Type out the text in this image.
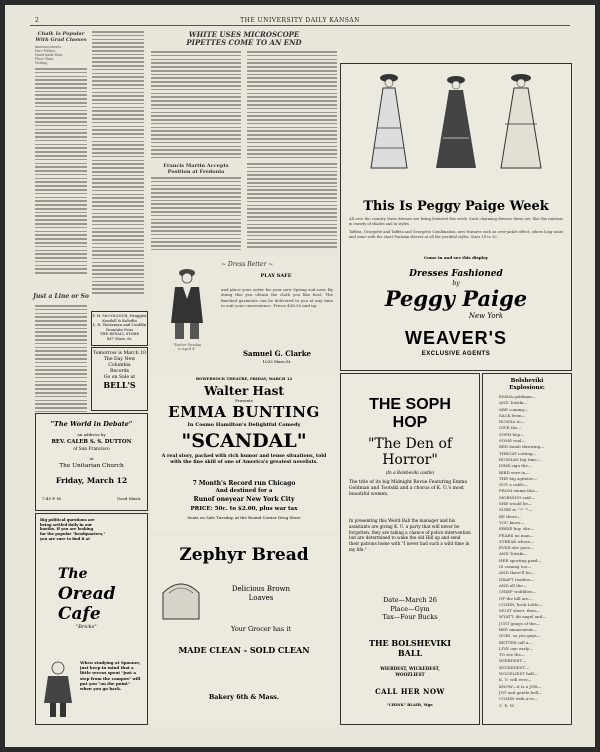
2	THE UNIVERSITY DAILY KANSAN
Chalk Is Popular
With Grad Classes
Announcements.
Pure Politics.
Hand-made Hats.
Floor Plans.
Writing.
Just a Line or So
F. H. McCOLLOCH, Druggist
Kendall & Kolodin
L. R. Waterman and Conklin
Fountain Pens
THE REXALL STORE
847 Mass. St.
Tomorrow is March 10
The Day New
Columbia
Records
Go on Sale at
BELL'S
WHITE USES MICROSCOPE
PIPETTES COME TO AN END
Francis Martin Accepts
Position at Fredonia
~ Dress Better ~
PLAY SAFE
"Easter Sunday
is April 4"
and place your order for your new Spring suit now. By doing this you obtain the cloth you like best. The finished garments can be delivered to you at any time to suit your convenience. Prices $38.50 and up.
Samuel G. Clarke
1033 Mass.St.
This Is Peggy Paige Week
All over the country these dresses are being featured this week. Such charming dresses these are, like the rainbow in variety of shades and in styles.
Taffeta, Georgette and Taffeta and Georgette Combination, new features such as over-jacket effect, others long waist and some with the short Parisian sleeves at all the youthful styles. Sizes 14 to 20.
Come in and see this display
Dresses Fashioned
by
Peggy Paige
New York
WEAVER'S
EXCLUSIVE AGENTS
BOWERSOCK THEATRE, FRIDAY, MARCH 12
Walter Hast
Presents
EMMA BUNTING
In Cosmo Hamilton's Delightful Comedy
"SCANDAL"
A real story, packed with rich humor and tense situations, told with the fine skill of one of America's greatest novelists.
7 Month's Record run Chicago
And destined for a
Runof oneyear New York City
PRICE: 50c. to $2.00, plus war tax
Seats on Sale Tuesday, at the Round Corner Drug Store
"The World in Debate"
an address by
REV. CALEB S. S. DUTTON
of San Francisco
at
The Unitarian Church
Friday, March 12
7:45 P. M.	Good Music
Big political questions are
being settled daily in our
booths. If you are looking
for the popular "headquarters,"
you are sure to find it at
The
Oread
Cafe
"Bricks"
When studying at Spooner, just keep in mind that a little recess spent "just a step from the campus" will put you "on the point" when you go back.
Zephyr Bread
Delicious Brown
Loaves
Your Grocer has it
MADE CLEAN - SOLD CLEAN
Bakery 6th & Mass.
THE SOPH
HOP
"The Den of
Horror"
(In a Bolsheviki castle)
The title of its big Midnight Revue Featuring Emma Goldman and Tootsiki and a chorus of K. U.'s most beautiful women.
In presenting this Weird Ball the manager and his assistants are giving K. U. a party that will never be forgotten; they are taking a chance of police intervention but are determined to wake the old Hill up and send their patrons home with "I never had such a wild time in my life."
Date—March 26
Place—Gym
Tax—Four Bucks
THE BOLSHEVIKI
BALL
WIERDEST, WICKEDEST,
WOOZLIEST
CALL HER NOW
"CHINK" BLAIR, Mgr.
Bolsheviki
Explosions:
EMMA goldman—
AND Totsiki—
ARE coming—
SACK from—
RUSSIA to—
GIVE the—
SOPH hop—
SOME real—
BED bomb throwing—
THROAT cutting—
RUSSIAN big time—
DINK sign the—
BIRD wire in—
THE big agitator—
GOT a cable—
FROM emma this—
MORNING said—
SHE would be—
SURE to "?" ""—
BE there—
YOU know—
ERRIE boy, she—
FEARS no man—
STREAK where—
EVER she goes—
AND Totsiki—
HER sporting pard—
IS coming too—
AND there'll be—
DRAFT readers—
AND all the—
CHIEF wobblies—
OF the hill are—
COMIN, heck Little—
MUST sheet, then—
WYATT, dit angel and—
JUST gangs of the—
RED amazement—
GOIN, so you guys—
BETTER call a—
LIVE one early—
TO see the—
WIERDEST—
WICKEDEST—
WOOZLIEST ball—
K. U. will ever—
KNOW—it is a JOB—
JOY and gentle hell—
COMIN with a're—
C. E. W.
